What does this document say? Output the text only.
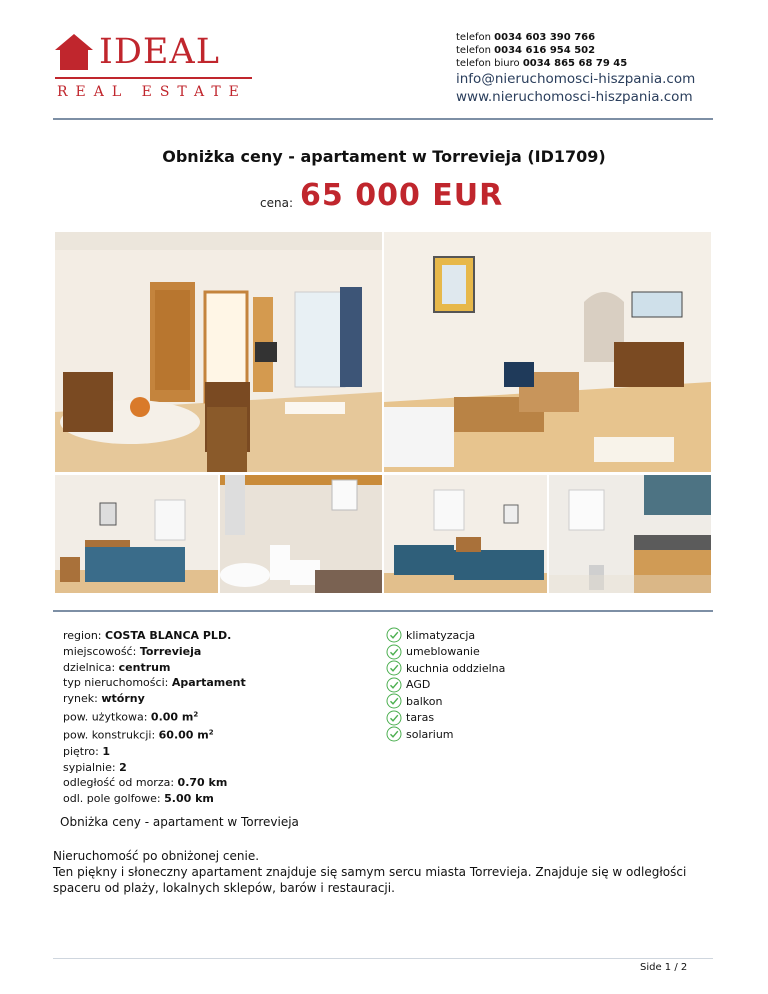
IDEAL
REAL ESTATE
telefon 0034 603 390 766
telefon 0034 616 954 502
telefon biuro 0034 865 68 79 45
info@nieruchomosci-hiszpania.com
www.nieruchomosci-hiszpania.com
Obniżka ceny - apartament w Torrevieja (ID1709)
cena: 65 000 EUR
region: COSTA BLANCA PLD.
miejscowość: Torrevieja
dzielnica: centrum
typ nieruchomości: Apartament
rynek: wtórny
pow. użytkowa: 0.00 $m^2$
pow. konstrukcji: 60.00 $m^2$
piętro: 1
sypialnie: 2
odległość od morza: 0.70 km
odl. pole golfowe: 5.00 km
klimatyzacja
umeblowanie
kuchnia oddzielna
AGD
balkon
taras
solarium
Obniżka ceny - apartament w Torrevieja
Nieruchomość po obniżonej cenie.
Ten piękny i słoneczny apartament znajduje się samym sercu miasta Torrevieja. Znajduje się w odległości spaceru od plaży, lokalnych sklepów, barów i restauracji.
Side 1 / 2
